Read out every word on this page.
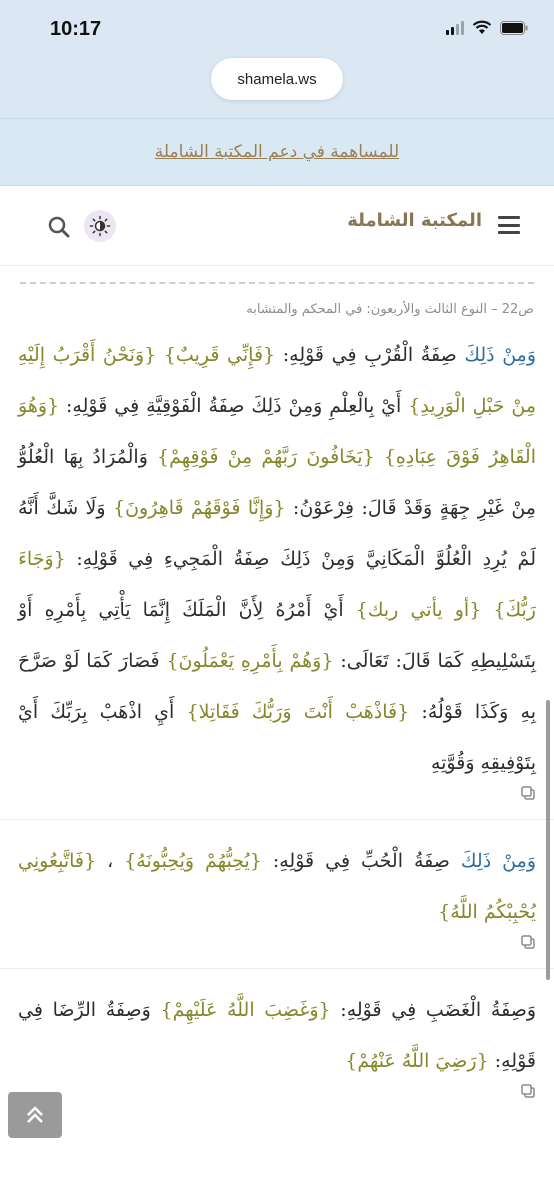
10:17
shamela.ws
للمساهمة في دعم المكتبة الشاملة
المكتبة الشاملة
ص22 – النوع الثالث والأربعون: في المحكم والمتشابه
وَمِنْ ذَلِكَ صِفَةُ الْقُرْبِ فِي قَوْلِهِ: {فَإِنِّي قَرِيبٌ} {وَنَحْنُ أَقْرَبُ إِلَيْهِ مِنْ حَبْلِ الْوَرِيدِ} أَيْ بِالْعِلْمِ وَمِنْ ذَلِكَ صِفَةُ الْفَوْقِيَّةِ فِي قَوْلِهِ: {وَهُوَ الْقَاهِرُ فَوْقَ عِبَادِهِ} {يَخَافُونَ رَبَّهُمْ مِنْ فَوْقِهِمْ} وَالْمُرَادُ بِهَا الْعُلُوُّ مِنْ غَيْرِ جِهَةٍ وَقَدْ قَالَ: فِرْعَوْنُ: {وَإِنَّا فَوْقَهُمْ قَاهِرُونَ} وَلَا شَكَّ أَنَّهُ لَمْ يُرِدِ الْعُلُوَّ الْمَكَانِيَّ وَمِنْ ذَلِكَ صِفَةُ الْمَجِيءِ فِي قَوْلِهِ: {وَجَاءَ رَبُّكَ} {أو يأتي ربك} أَيْ أَمْرُهُ لِأَنَّ الْمَلَكَ إِنَّمَا يَأْتِي بِأَمْرِهِ أَوْ بِتَسْلِيطِهِ كَمَا قَالَ: تَعَالَى: {وَهُمْ بِأَمْرِهِ يَعْمَلُونَ} فَصَارَ كَمَا لَوْ صَرَّحَ بِهِ وَكَذَا قَوْلُهُ: {فَاذْهَبْ أَنْتَ وَرَبُّكَ فَقَاتِلا} أَيِ اذْهَبْ بِرَبِّكَ أَيْ بِتَوْفِيقِهِ وَقُوَّتِهِ
وَمِنْ ذَلِكَ صِفَةُ الْحُبِّ فِي قَوْلِهِ: {يُحِبُّهُمْ وَيُحِبُّونَهُ} ، {فَاتَّبِعُونِي يُحْبِبْكُمُ اللَّهُ}
وَصِفَةُ الْغَضَبِ فِي قَوْلِهِ: {وَغَضِبَ اللَّهُ عَلَيْهِمْ} وَصِفَةُ الرِّضَا فِي قَوْلِهِ: {رَضِيَ اللَّهُ عَنْهُمْ}
